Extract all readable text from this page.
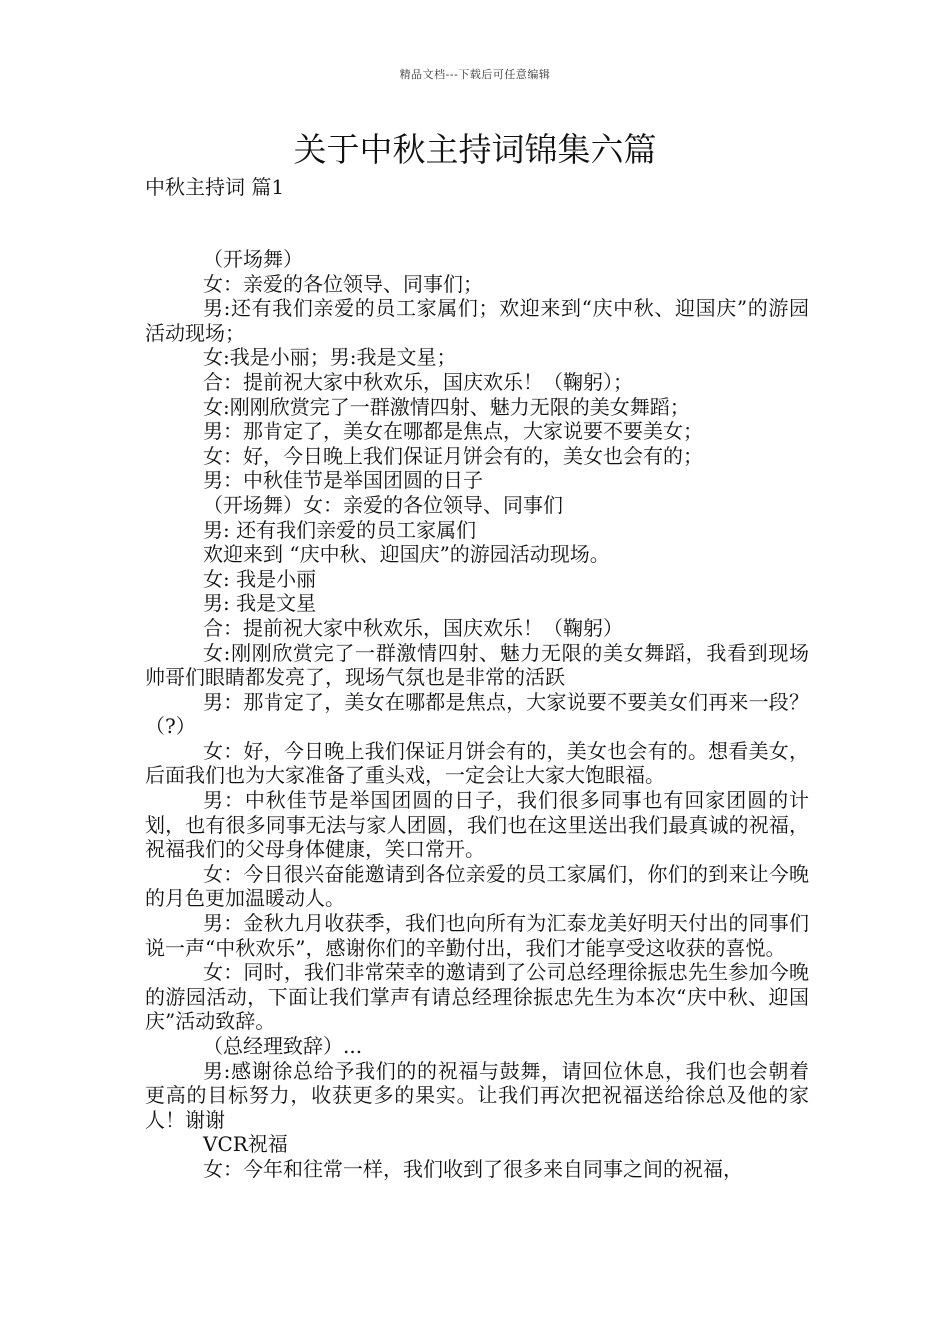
精品文档---下载后可任意编辑
关于中秋主持词锦集六篇
中秋主持词 篇1

（开场舞）

女：亲爱的各位领导、同事们；

男:还有我们亲爱的员工家属们；欢迎来到“庆中秋、迎国庆”的游园活动现场；

女:我是小丽；男:我是文星；

合：提前祝大家中秋欢乐，国庆欢乐！（鞠躬）；

女:刚刚欣赏完了一群激情四射、魅力无限的美女舞蹈；

男：那肯定了，美女在哪都是焦点，大家说要不要美女；

女：好，今日晚上我们保证月饼会有的，美女也会有的；

男：中秋佳节是举国团圆的日子

（开场舞）女：亲爱的各位领导、同事们

男: 还有我们亲爱的员工家属们

欢迎来到 “庆中秋、迎国庆”的游园活动现场。

女: 我是小丽

男: 我是文星

合：提前祝大家中秋欢乐，国庆欢乐！（鞠躬）

女:刚刚欣赏完了一群激情四射、魅力无限的美女舞蹈，我看到现场帅哥们眼睛都发亮了，现场气氛也是非常的活跃

男：那肯定了，美女在哪都是焦点，大家说要不要美女们再来一段？（?）

女：好，今日晚上我们保证月饼会有的，美女也会有的。想看美女，后面我们也为大家准备了重头戏，一定会让大家大饱眼福。

男：中秋佳节是举国团圆的日子，我们很多同事也有回家团圆的计划，也有很多同事无法与家人团圆，我们也在这里送出我们最真诚的祝福，祝福我们的父母身体健康，笑口常开。

女：今日很兴奋能邀请到各位亲爱的员工家属们，你们的到来让今晚的月色更加温暖动人。

男：金秋九月收获季，我们也向所有为汇泰龙美好明天付出的同事们说一声“中秋欢乐”，感谢你们的辛勤付出，我们才能享受这收获的喜悦。

女：同时，我们非常荣幸的邀请到了公司总经理徐振忠先生参加今晚的游园活动，下面让我们掌声有请总经理徐振忠先生为本次“庆中秋、迎国庆”活动致辞。

（总经理致辞）...

男:感谢徐总给予我们的的祝福与鼓舞，请回位休息，我们也会朝着更高的目标努力，收获更多的果实。让我们再次把祝福送给徐总及他的家人！谢谢

VCR祝福

女：今年和往常一样，我们收到了很多来自同事之间的祝福，
